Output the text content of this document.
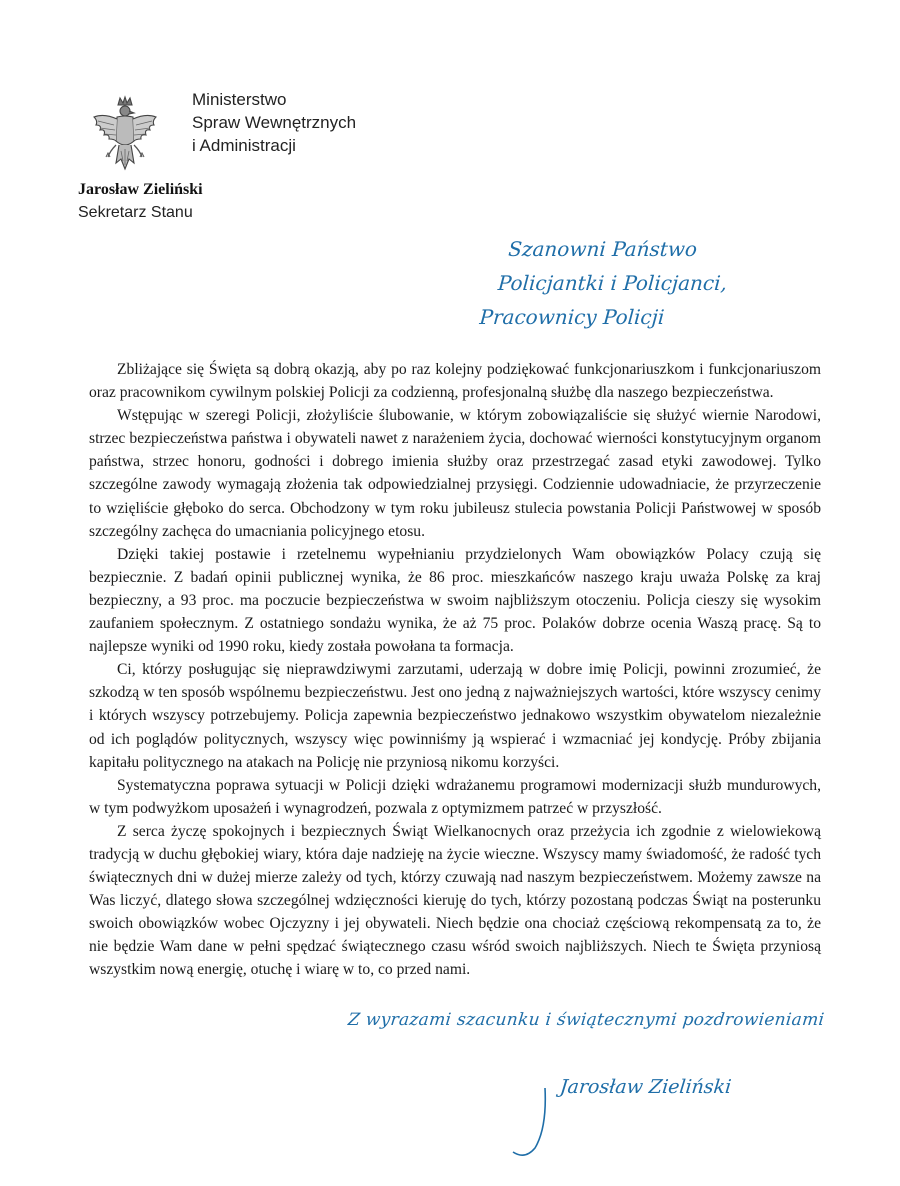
Ministerstwo
Spraw Wewnętrznych
i Administracji
Jarosław Zieliński
Sekretarz Stanu
Szanowni Państwo
Policjantki i Policjanci,
Pracownicy Policji

Zbliżające się Święta są dobrą okazją, aby po raz kolejny podziękować funkcjonariuszkom i funkcjonariuszom oraz pracownikom cywilnym polskiej Policji za codzienną, profesjonalną służbę dla naszego bezpieczeństwa.

Wstępując w szeregi Policji, złożyliście ślubowanie, w którym zobowiązaliście się służyć wiernie Narodowi, strzec bezpieczeństwa państwa i obywateli nawet z narażeniem życia, dochować wierności konstytucyjnym organom państwa, strzec honoru, godności i dobrego imienia służby oraz przestrzegać zasad etyki zawodowej. Tylko szczególne zawody wymagają złożenia tak odpowiedzialnej przysięgi. Codziennie udowadniacie, że przyrzeczenie to wzięliście głęboko do serca. Obchodzony w tym roku jubileusz stulecia powstania Policji Państwowej w sposób szczególny zachęca do umacniania policyjnego etosu.

Dzięki takiej postawie i rzetelnemu wypełnianiu przydzielonych Wam obowiązków Polacy czują się bezpiecznie. Z badań opinii publicznej wynika, że 86 proc. mieszkańców naszego kraju uważa Polskę za kraj bezpieczny, a 93 proc. ma poczucie bezpieczeństwa w swoim najbliższym otoczeniu. Policja cieszy się wysokim zaufaniem społecznym. Z ostatniego sondażu wynika, że aż 75 proc. Polaków dobrze ocenia Waszą pracę. Są to najlepsze wyniki od 1990 roku, kiedy została powołana ta formacja.

Ci, którzy posługując się nieprawdziwymi zarzutami, uderzają w dobre imię Policji, powinni zrozumieć, że szkodzą w ten sposób wspólnemu bezpieczeństwu. Jest ono jedną z najważniejszych wartości, które wszyscy cenimy i których wszyscy potrzebujemy. Policja zapewnia bezpieczeństwo jednakowo wszystkim obywatelom niezależnie od ich poglądów politycznych, wszyscy więc powinniśmy ją wspierać i wzmacniać jej kondycję. Próby zbijania kapitału politycznego na atakach na Policję nie przyniosą nikomu korzyści.

Systematyczna poprawa sytuacji w Policji dzięki wdrażanemu programowi modernizacji służb mundurowych, w tym podwyżkom uposażeń i wynagrodzeń, pozwala z optymizmem patrzeć w przyszłość.

Z serca życzę spokojnych i bezpiecznych Świąt Wielkanocnych oraz przeżycia ich zgodnie z wielowiekową tradycją w duchu głębokiej wiary, która daje nadzieję na życie wieczne. Wszyscy mamy świadomość, że radość tych świątecznych dni w dużej mierze zależy od tych, którzy czuwają nad naszym bezpieczeństwem. Możemy zawsze na Was liczyć, dlatego słowa szczególnej wdzięczności kieruję do tych, którzy pozostaną podczas Świąt na posterunku swoich obowiązków wobec Ojczyzny i jej obywateli. Niech będzie ona chociaż częściową rekompensatą za to, że nie będzie Wam dane w pełni spędzać świątecznego czasu wśród swoich najbliższych. Niech te Święta przyniosą wszystkim nową energię, otuchę i wiarę w to, co przed nami.

Z wyrazami szacunku i świątecznymi pozdrowieniami
Jarosław Zieliński
